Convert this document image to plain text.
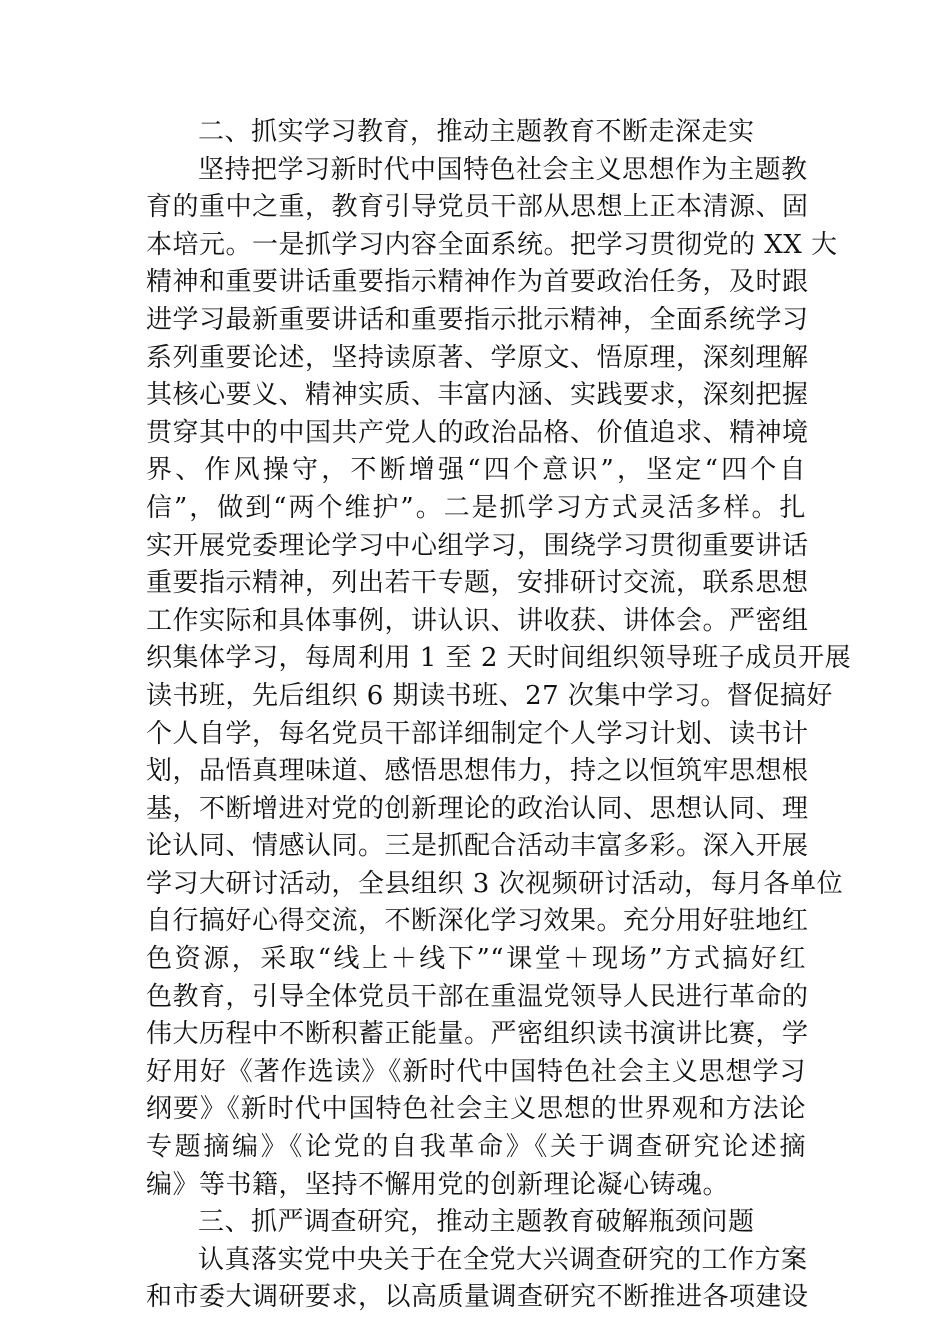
二、抓实学习教育，推动主题教育不断走深走实
坚持把学习新时代中国特色社会主义思想作为主题教
育的重中之重，教育引导党员干部从思想上正本清源、固
本培元。一是抓学习内容全面系统。把学习贯彻党的 XX 大
精神和重要讲话重要指示精神作为首要政治任务，及时跟
进学习最新重要讲话和重要指示批示精神，全面系统学习
系列重要论述，坚持读原著、学原文、悟原理，深刻理解
其核心要义、精神实质、丰富内涵、实践要求，深刻把握
贯穿其中的中国共产党人的政治品格、价值追求、精神境
界、作风操守，不断增强“四个意识”，坚定“四个自
信”，做到“两个维护”。二是抓学习方式灵活多样。扎
实开展党委理论学习中心组学习，围绕学习贯彻重要讲话
重要指示精神，列出若干专题，安排研讨交流，联系思想
工作实际和具体事例，讲认识、讲收获、讲体会。严密组
织集体学习，每周利用 1 至 2 天时间组织领导班子成员开展
读书班，先后组织 6 期读书班、27 次集中学习。督促搞好
个人自学，每名党员干部详细制定个人学习计划、读书计
划，品悟真理味道、感悟思想伟力，持之以恒筑牢思想根
基，不断增进对党的创新理论的政治认同、思想认同、理
论认同、情感认同。三是抓配合活动丰富多彩。深入开展
学习大研讨活动，全县组织 3 次视频研讨活动，每月各单位
自行搞好心得交流，不断深化学习效果。充分用好驻地红
色资源，采取“线上＋线下”“课堂＋现场”方式搞好红
色教育，引导全体党员干部在重温党领导人民进行革命的
伟大历程中不断积蓄正能量。严密组织读书演讲比赛，学
好用好《著作选读》《新时代中国特色社会主义思想学习
纲要》《新时代中国特色社会主义思想的世界观和方法论
专题摘编》《论党的自我革命》《关于调查研究论述摘
编》等书籍，坚持不懈用党的创新理论凝心铸魂。
三、抓严调查研究，推动主题教育破解瓶颈问题
认真落实党中央关于在全党大兴调查研究的工作方案
和市委大调研要求，以高质量调查研究不断推进各项建设
